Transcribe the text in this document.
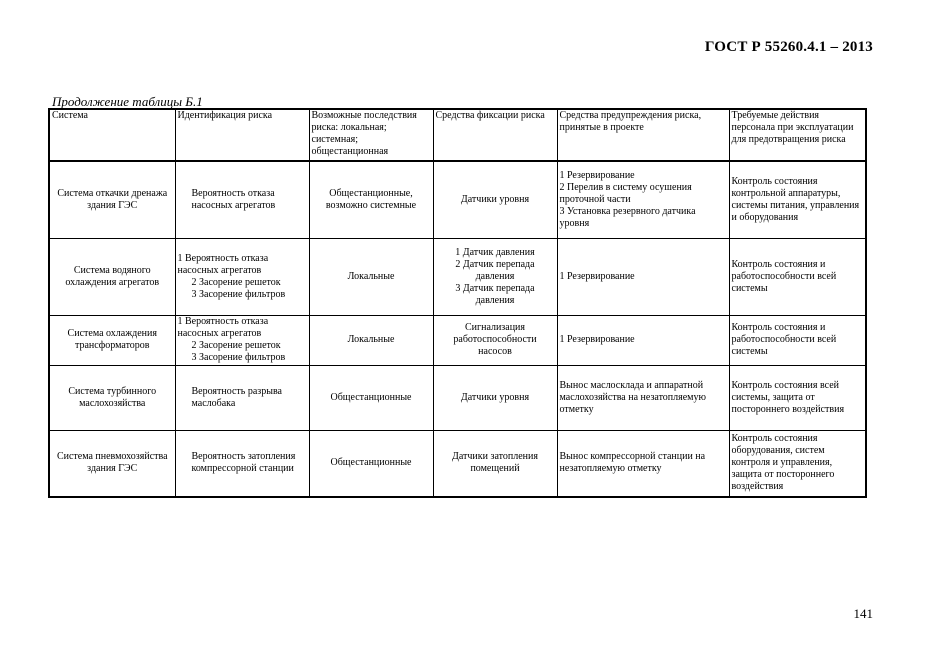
ГОСТ Р 55260.4.1 – 2013
Продолжение таблицы Б.1
Система	Идентификация риска	Возможные последствия риска: локальная; системная; общестанционная	Средства фиксации риска	Средства предупреждения риска, принятые в проекте	Требуемые действия персонала при эксплуатации для предотвращения риска
Система откачки дренажа здания ГЭС	Вероятность отказа насосных агрегатов	Общестанционные, возможно системные	Датчики уровня	1 Резервирование
2 Перелив в систему осушения проточной части
3 Установка резервного датчика уровня	Контроль состояния контрольной аппаратуры, системы питания, управления и оборудования
Система водяного охлаждения агрегатов	1 Вероятность отказа насосных агрегатов
2 Засорение решеток
3 Засорение фильтров	Локальные	1 Датчик давления
2 Датчик перепада давления
3 Датчик перепада давления	1 Резервирование	Контроль состояния и работоспособности всей системы
Система охлаждения трансформаторов	1 Вероятность отказа насосных агрегатов
2 Засорение решеток
3 Засорение фильтров	Локальные	Сигнализация работоспособности насосов	1 Резервирование	Контроль состояния и работоспособности всей системы
Система турбинного маслохозяйства	Вероятность разрыва маслобака	Общестанционные	Датчики уровня	Вынос маслосклада и аппаратной маслохозяйства на незатопляемую отметку	Контроль состояния всей системы, защита от постороннего воздействия
Система пневмохозяйства здания ГЭС	Вероятность затопления компрессорной станции	Общестанционные	Датчики затопления помещений	Вынос компрессорной станции на незатопляемую отметку	Контроль состояния оборудования, систем контроля и управления, защита от постороннего воздействия
141
